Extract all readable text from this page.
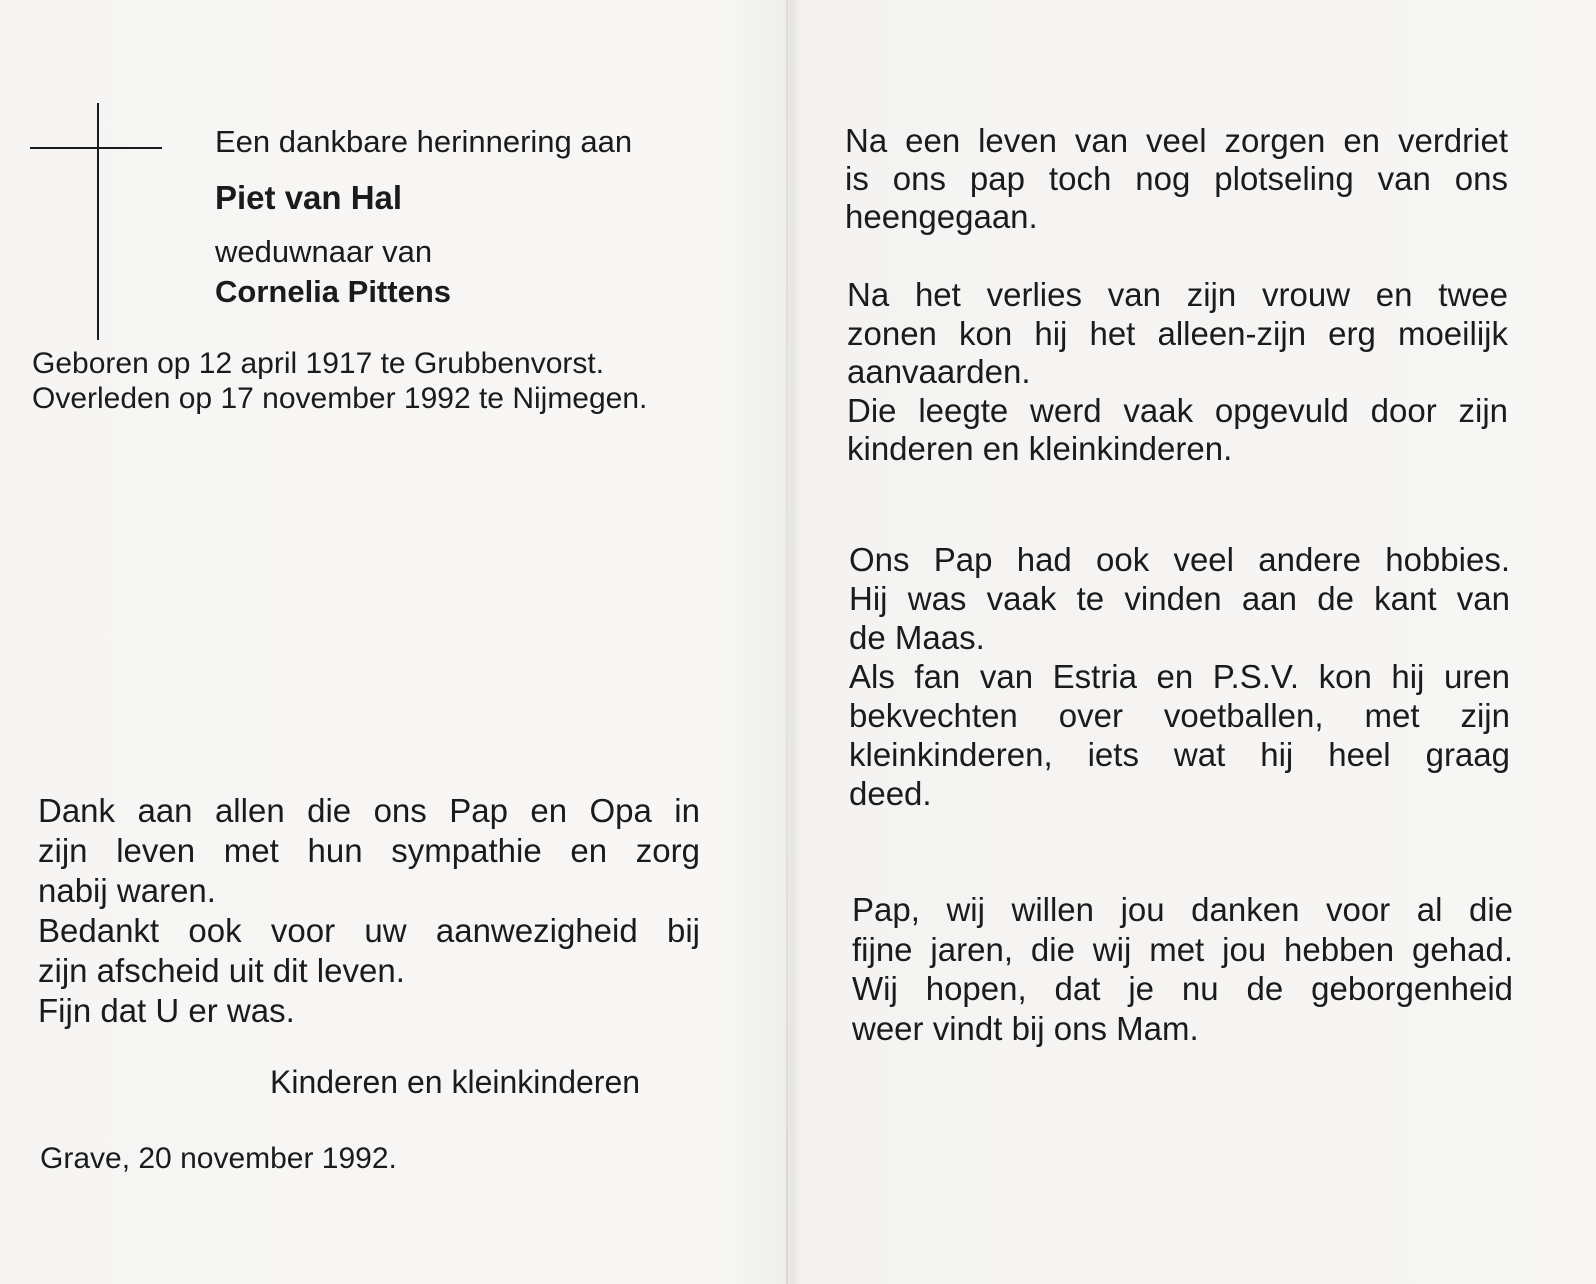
Een dankbare herinnering aan
Piet van Hal
weduwnaar van
Cornelia Pittens
Geboren op 12 april 1917 te Grubbenvorst.
Overleden op 17 november 1992 te Nijmegen.
Dank aan allen die ons Pap en Opa in
zijn leven met hun sympathie en zorg
nabij waren.
Bedankt ook voor uw aanwezigheid bij
zijn afscheid uit dit leven.
Fijn dat U er was.
Kinderen en kleinkinderen
Grave, 20 november 1992.
Na een leven van veel zorgen en verdriet
is ons pap toch nog plotseling van ons
heengegaan.
Na het verlies van zijn vrouw en twee
zonen kon hij het alleen-zijn erg moeilijk
aanvaarden.
Die leegte werd vaak opgevuld door zijn
kinderen en kleinkinderen.
Ons Pap had ook veel andere hobbies.
Hij was vaak te vinden aan de kant van
de Maas.
Als fan van Estria en P.S.V. kon hij uren
bekvechten over voetballen, met zijn
kleinkinderen, iets wat hij heel graag
deed.
Pap, wij willen jou danken voor al die
fijne jaren, die wij met jou hebben gehad.
Wij hopen, dat je nu de geborgenheid
weer vindt bij ons Mam.
